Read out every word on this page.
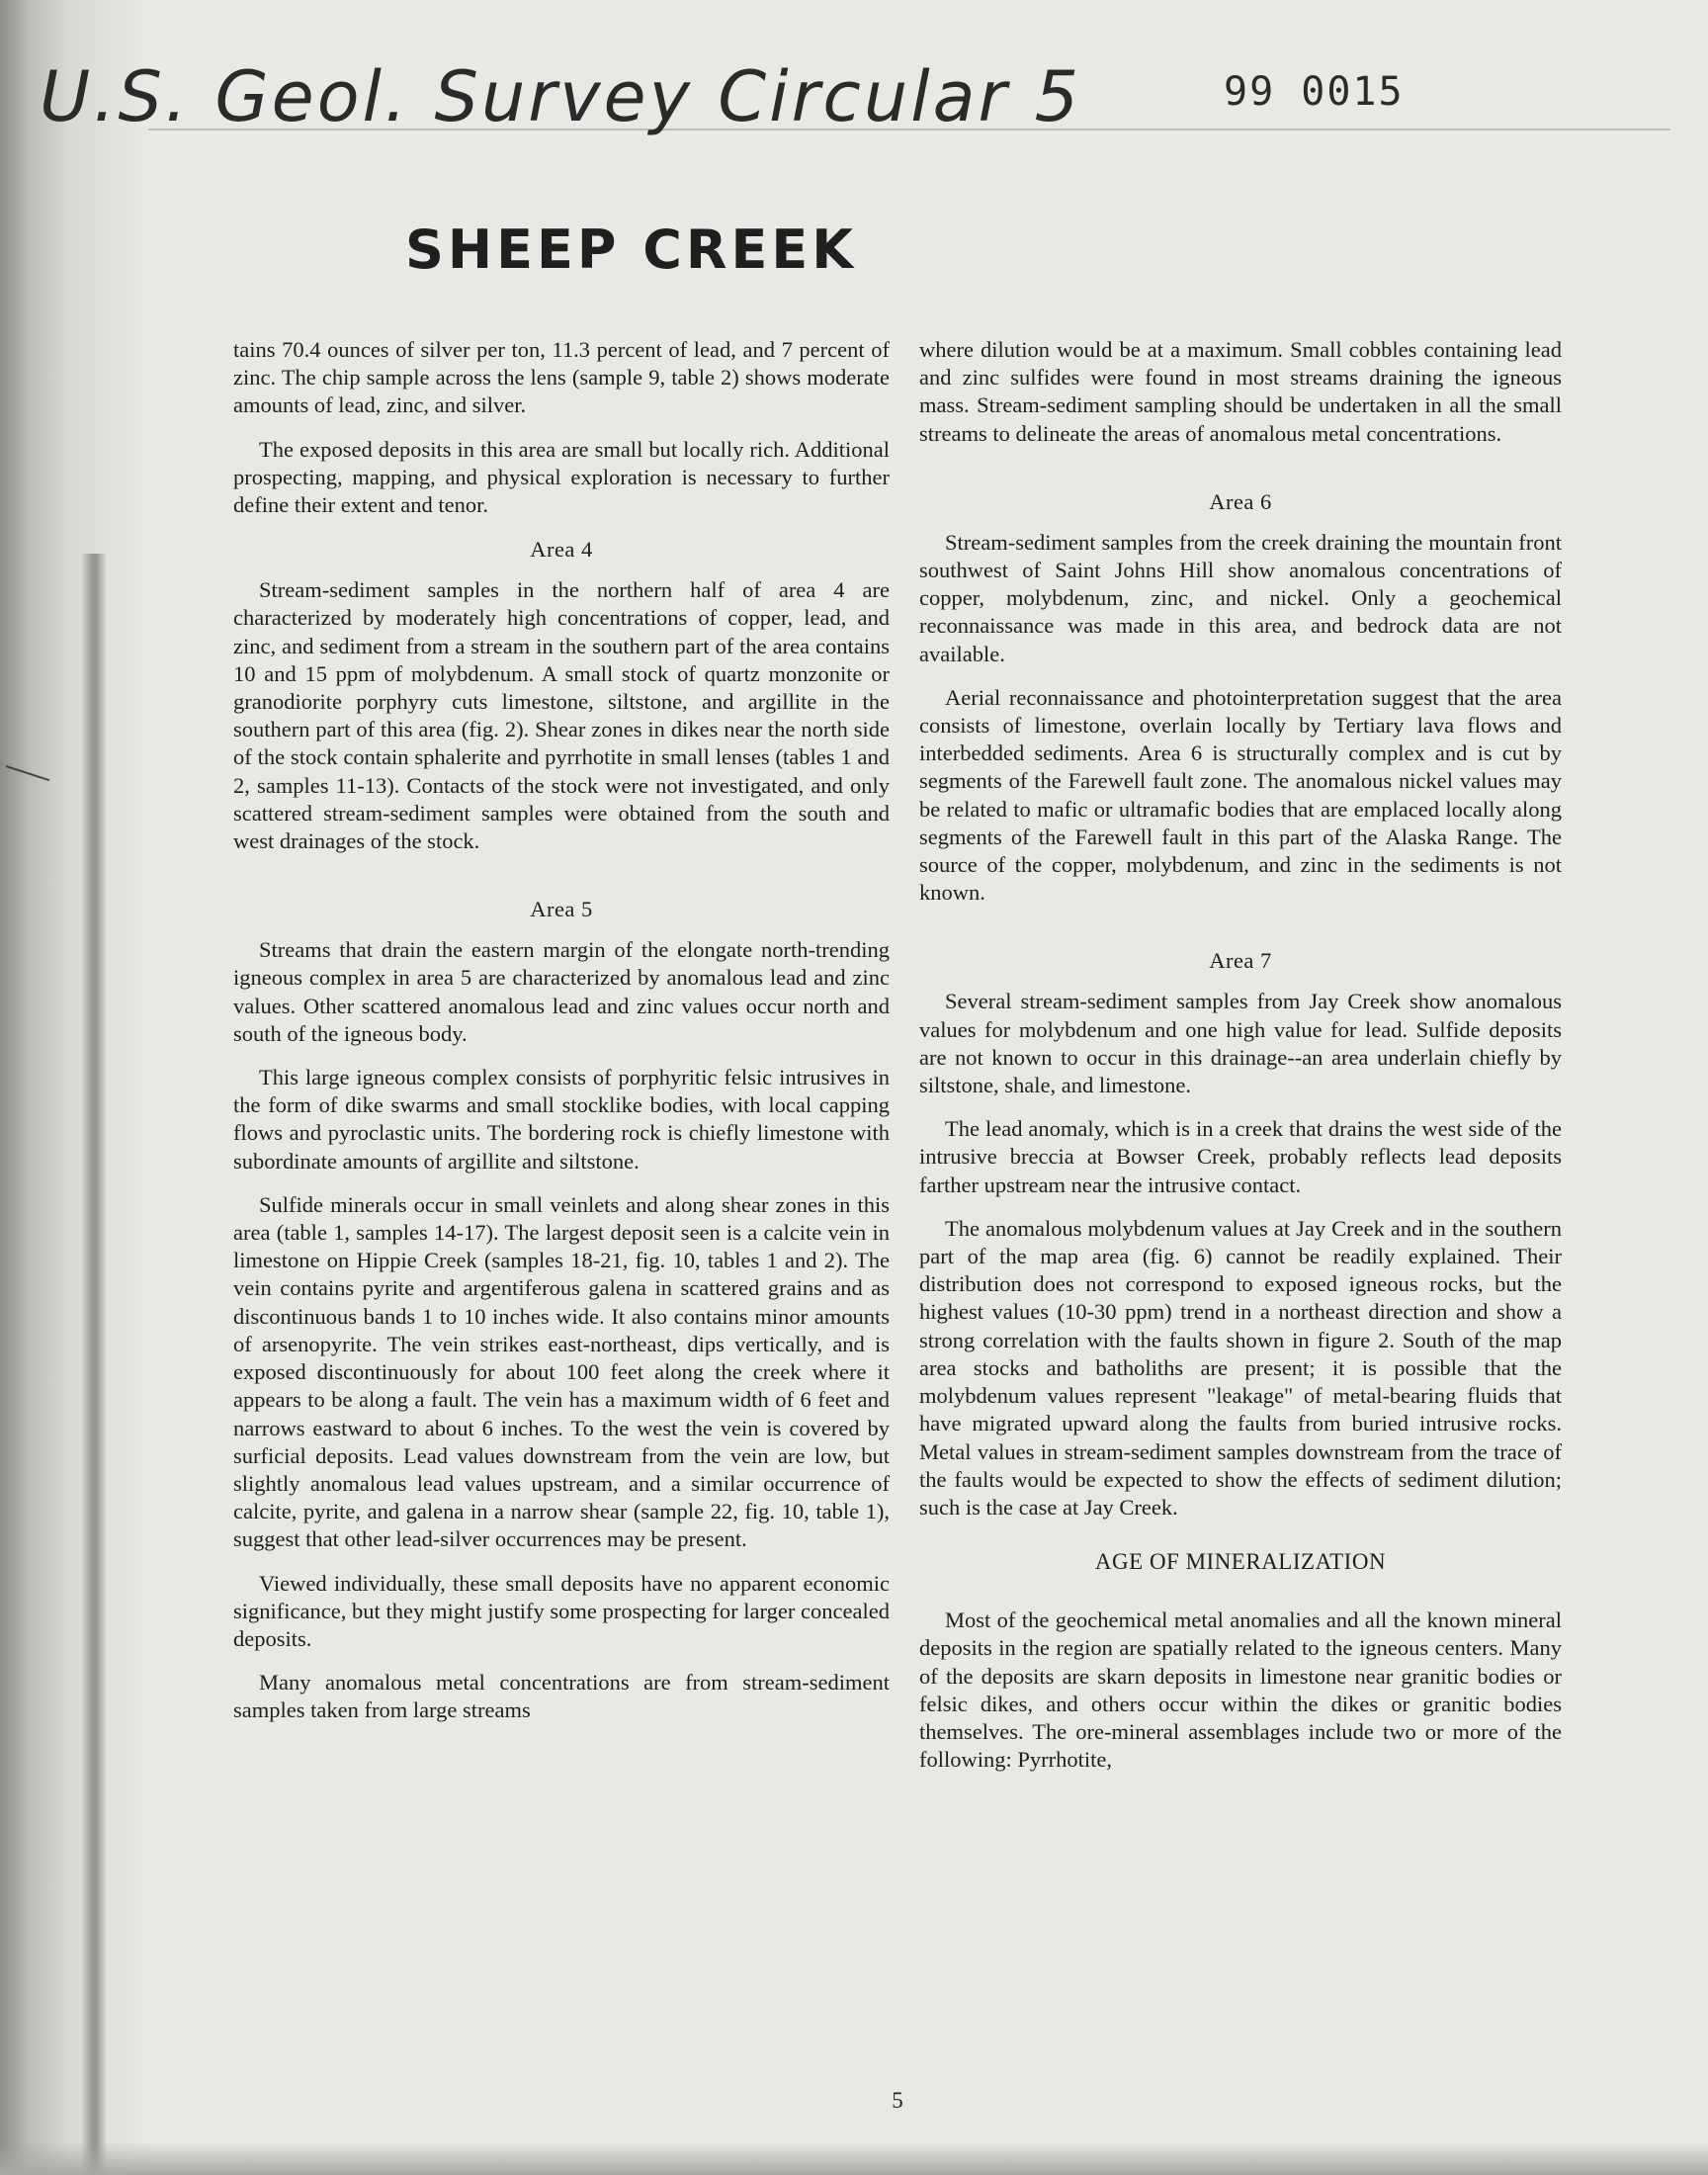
U.S. Geol. Survey Circular 5	99 0015
SHEEP CREEK

tains 70.4 ounces of silver per ton, 11.3 percent of lead, and 7 percent of zinc. The chip sample across the lens (sample 9, table 2) shows moderate amounts of lead, zinc, and silver.

The exposed deposits in this area are small but locally rich. Additional prospecting, mapping, and physical exploration is necessary to further define their extent and tenor.

Area 4

Stream-sediment samples in the northern half of area 4 are characterized by moderately high concentrations of copper, lead, and zinc, and sediment from a stream in the southern part of the area contains 10 and 15 ppm of molybdenum. A small stock of quartz monzonite or granodiorite porphyry cuts limestone, siltstone, and argillite in the southern part of this area (fig. 2). Shear zones in dikes near the north side of the stock contain sphalerite and pyrrhotite in small lenses (tables 1 and 2, samples 11-13). Contacts of the stock were not investigated, and only scattered stream-sediment samples were obtained from the south and west drainages of the stock.

Area 5

Streams that drain the eastern margin of the elongate north-trending igneous complex in area 5 are characterized by anomalous lead and zinc values. Other scattered anomalous lead and zinc values occur north and south of the igneous body.

This large igneous complex consists of porphyritic felsic intrusives in the form of dike swarms and small stocklike bodies, with local capping flows and pyroclastic units. The bordering rock is chiefly limestone with subordinate amounts of argillite and siltstone.

Sulfide minerals occur in small veinlets and along shear zones in this area (table 1, samples 14-17). The largest deposit seen is a calcite vein in limestone on Hippie Creek (samples 18-21, fig. 10, tables 1 and 2). The vein contains pyrite and argentiferous galena in scattered grains and as discontinuous bands 1 to 10 inches wide. It also contains minor amounts of arsenopyrite. The vein strikes east-northeast, dips vertically, and is exposed discontinuously for about 100 feet along the creek where it appears to be along a fault. The vein has a maximum width of 6 feet and narrows eastward to about 6 inches. To the west the vein is covered by surficial deposits. Lead values downstream from the vein are low, but slightly anomalous lead values upstream, and a similar occurrence of calcite, pyrite, and galena in a narrow shear (sample 22, fig. 10, table 1), suggest that other lead-silver occurrences may be present.

Viewed individually, these small deposits have no apparent economic significance, but they might justify some prospecting for larger concealed deposits.

Many anomalous metal concentrations are from stream-sediment samples taken from large streams

where dilution would be at a maximum. Small cobbles containing lead and zinc sulfides were found in most streams draining the igneous mass. Stream-sediment sampling should be undertaken in all the small streams to delineate the areas of anomalous metal concentrations.

Area 6

Stream-sediment samples from the creek draining the mountain front southwest of Saint Johns Hill show anomalous concentrations of copper, molybdenum, zinc, and nickel. Only a geochemical reconnaissance was made in this area, and bedrock data are not available.

Aerial reconnaissance and photointerpretation suggest that the area consists of limestone, overlain locally by Tertiary lava flows and interbedded sediments. Area 6 is structurally complex and is cut by segments of the Farewell fault zone. The anomalous nickel values may be related to mafic or ultramafic bodies that are emplaced locally along segments of the Farewell fault in this part of the Alaska Range. The source of the copper, molybdenum, and zinc in the sediments is not known.

Area 7

Several stream-sediment samples from Jay Creek show anomalous values for molybdenum and one high value for lead. Sulfide deposits are not known to occur in this drainage--an area underlain chiefly by siltstone, shale, and limestone.

The lead anomaly, which is in a creek that drains the west side of the intrusive breccia at Bowser Creek, probably reflects lead deposits farther upstream near the intrusive contact.

The anomalous molybdenum values at Jay Creek and in the southern part of the map area (fig. 6) cannot be readily explained. Their distribution does not correspond to exposed igneous rocks, but the highest values (10-30 ppm) trend in a northeast direction and show a strong correlation with the faults shown in figure 2. South of the map area stocks and batholiths are present; it is possible that the molybdenum values represent "leakage" of metal-bearing fluids that have migrated upward along the faults from buried intrusive rocks. Metal values in stream-sediment samples downstream from the trace of the faults would be expected to show the effects of sediment dilution; such is the case at Jay Creek.

AGE OF MINERALIZATION

Most of the geochemical metal anomalies and all the known mineral deposits in the region are spatially related to the igneous centers. Many of the deposits are skarn deposits in limestone near granitic bodies or felsic dikes, and others occur within the dikes or granitic bodies themselves. The ore-mineral assemblages include two or more of the following: Pyrrhotite,

5
